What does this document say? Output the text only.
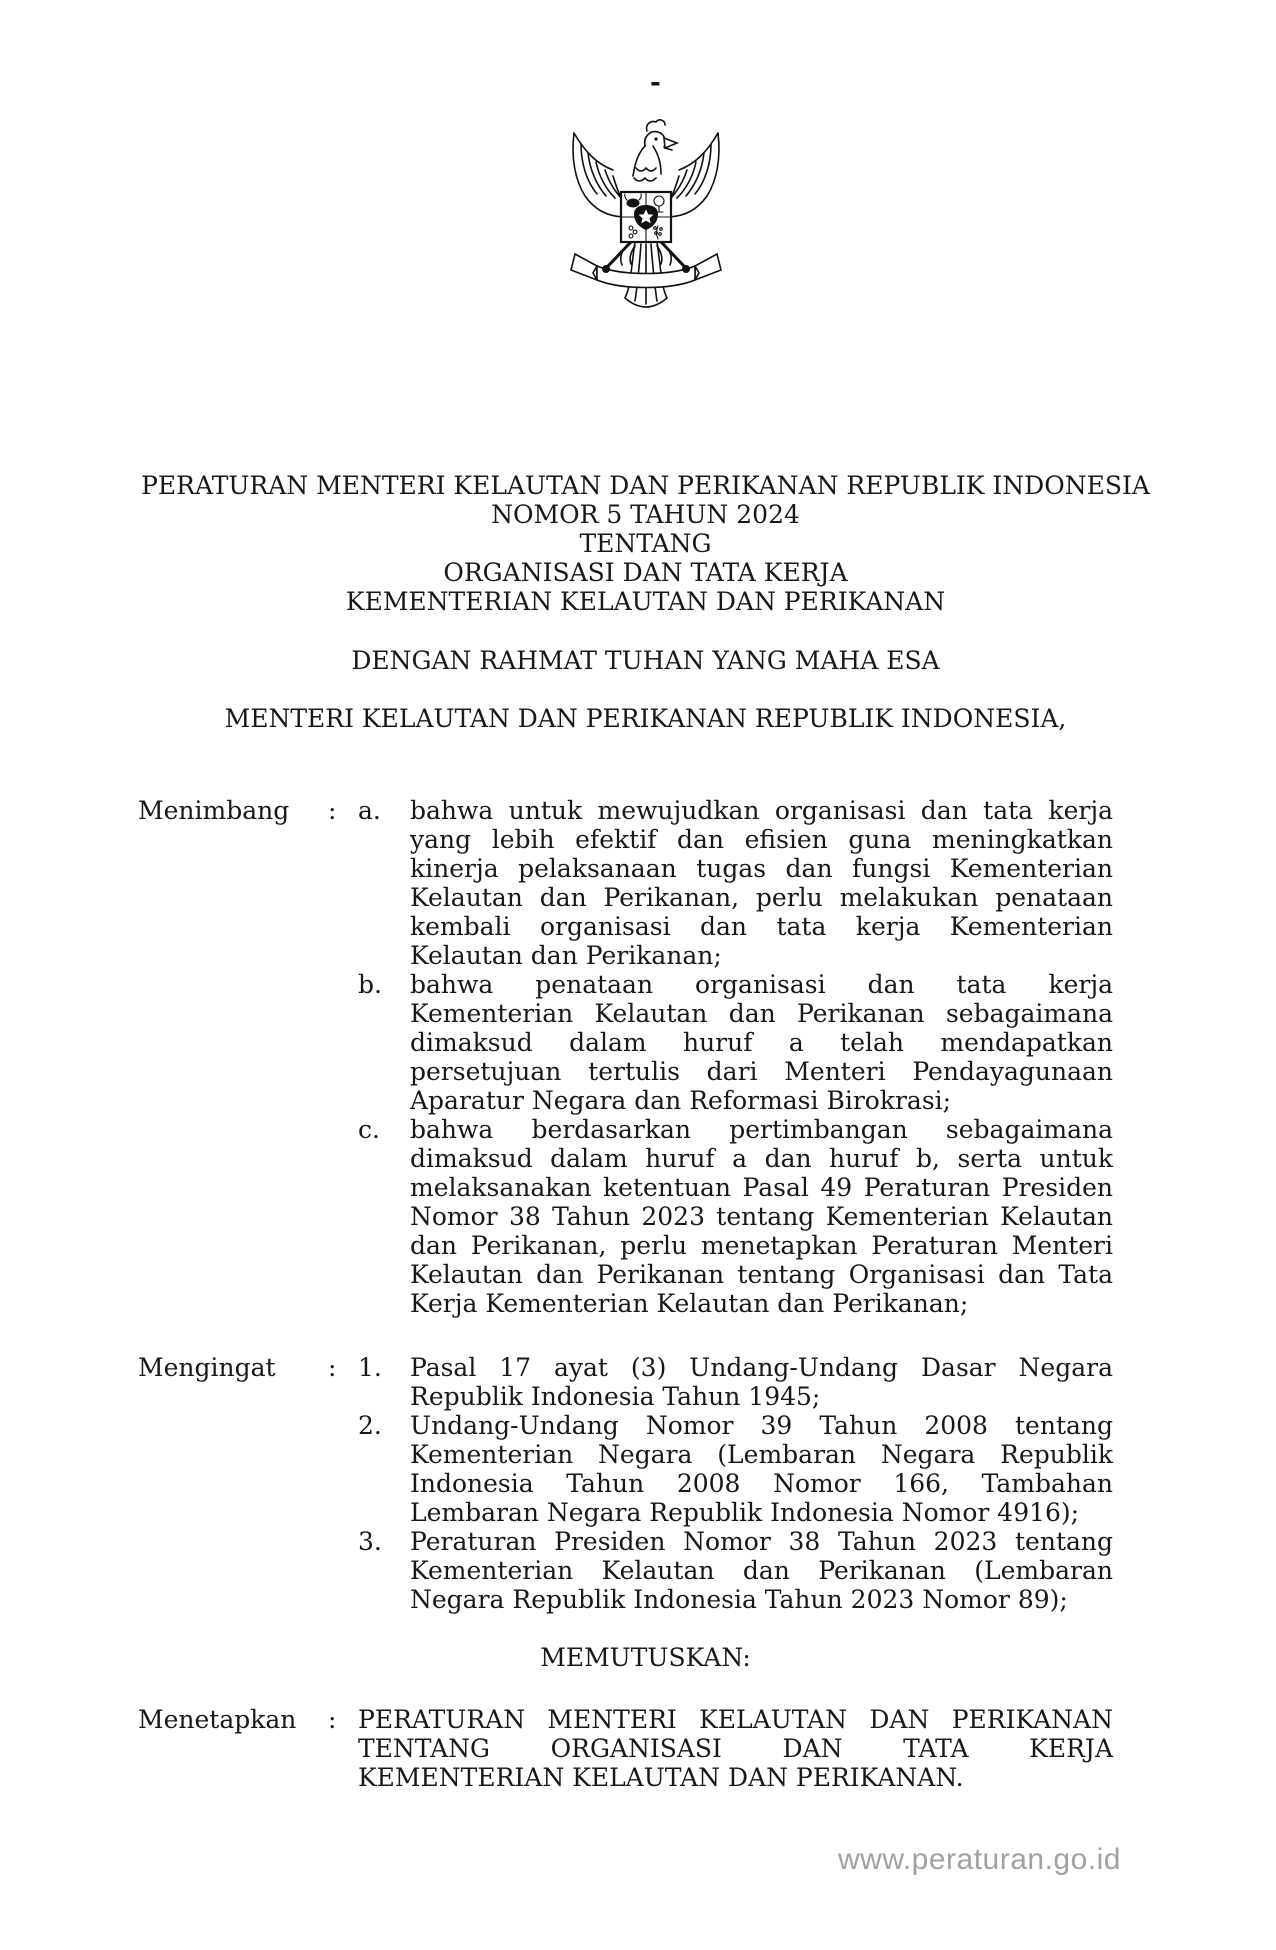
-
PERATURAN MENTERI KELAUTAN DAN PERIKANAN REPUBLIK INDONESIA
NOMOR 5 TAHUN 2024
TENTANG
ORGANISASI DAN TATA KERJA
KEMENTERIAN KELAUTAN DAN PERIKANAN
DENGAN RAHMAT TUHAN YANG MAHA ESA
MENTERI KELAUTAN DAN PERIKANAN REPUBLIK INDONESIA,
Menimbang	: a.	bahwa untuk mewujudkan organisasi dan tata kerja yang lebih efektif dan efisien guna meningkatkan kinerja pelaksanaan tugas dan fungsi Kementerian Kelautan dan Perikanan, perlu melakukan penataan kembali organisasi dan tata kerja Kementerian Kelautan dan Perikanan;
b.	bahwa penataan organisasi dan tata kerja Kementerian Kelautan dan Perikanan sebagaimana dimaksud dalam huruf a telah mendapatkan persetujuan tertulis dari Menteri Pendayagunaan Aparatur Negara dan Reformasi Birokrasi;
c.	bahwa berdasarkan pertimbangan sebagaimana dimaksud dalam huruf a dan huruf b, serta untuk melaksanakan ketentuan Pasal 49 Peraturan Presiden Nomor 38 Tahun 2023 tentang Kementerian Kelautan dan Perikanan, perlu menetapkan Peraturan Menteri Kelautan dan Perikanan tentang Organisasi dan Tata Kerja Kementerian Kelautan dan Perikanan;
Mengingat	: 1.	Pasal 17 ayat (3) Undang-Undang Dasar Negara Republik Indonesia Tahun 1945;
2.	Undang-Undang Nomor 39 Tahun 2008 tentang Kementerian Negara (Lembaran Negara Republik Indonesia Tahun 2008 Nomor 166, Tambahan Lembaran Negara Republik Indonesia Nomor 4916);
3.	Peraturan Presiden Nomor 38 Tahun 2023 tentang Kementerian Kelautan dan Perikanan (Lembaran Negara Republik Indonesia Tahun 2023 Nomor 89);
MEMUTUSKAN:
Menetapkan	: PERATURAN MENTERI KELAUTAN DAN PERIKANAN TENTANG ORGANISASI DAN TATA KERJA KEMENTERIAN KELAUTAN DAN PERIKANAN.
www.peraturan.go.id
